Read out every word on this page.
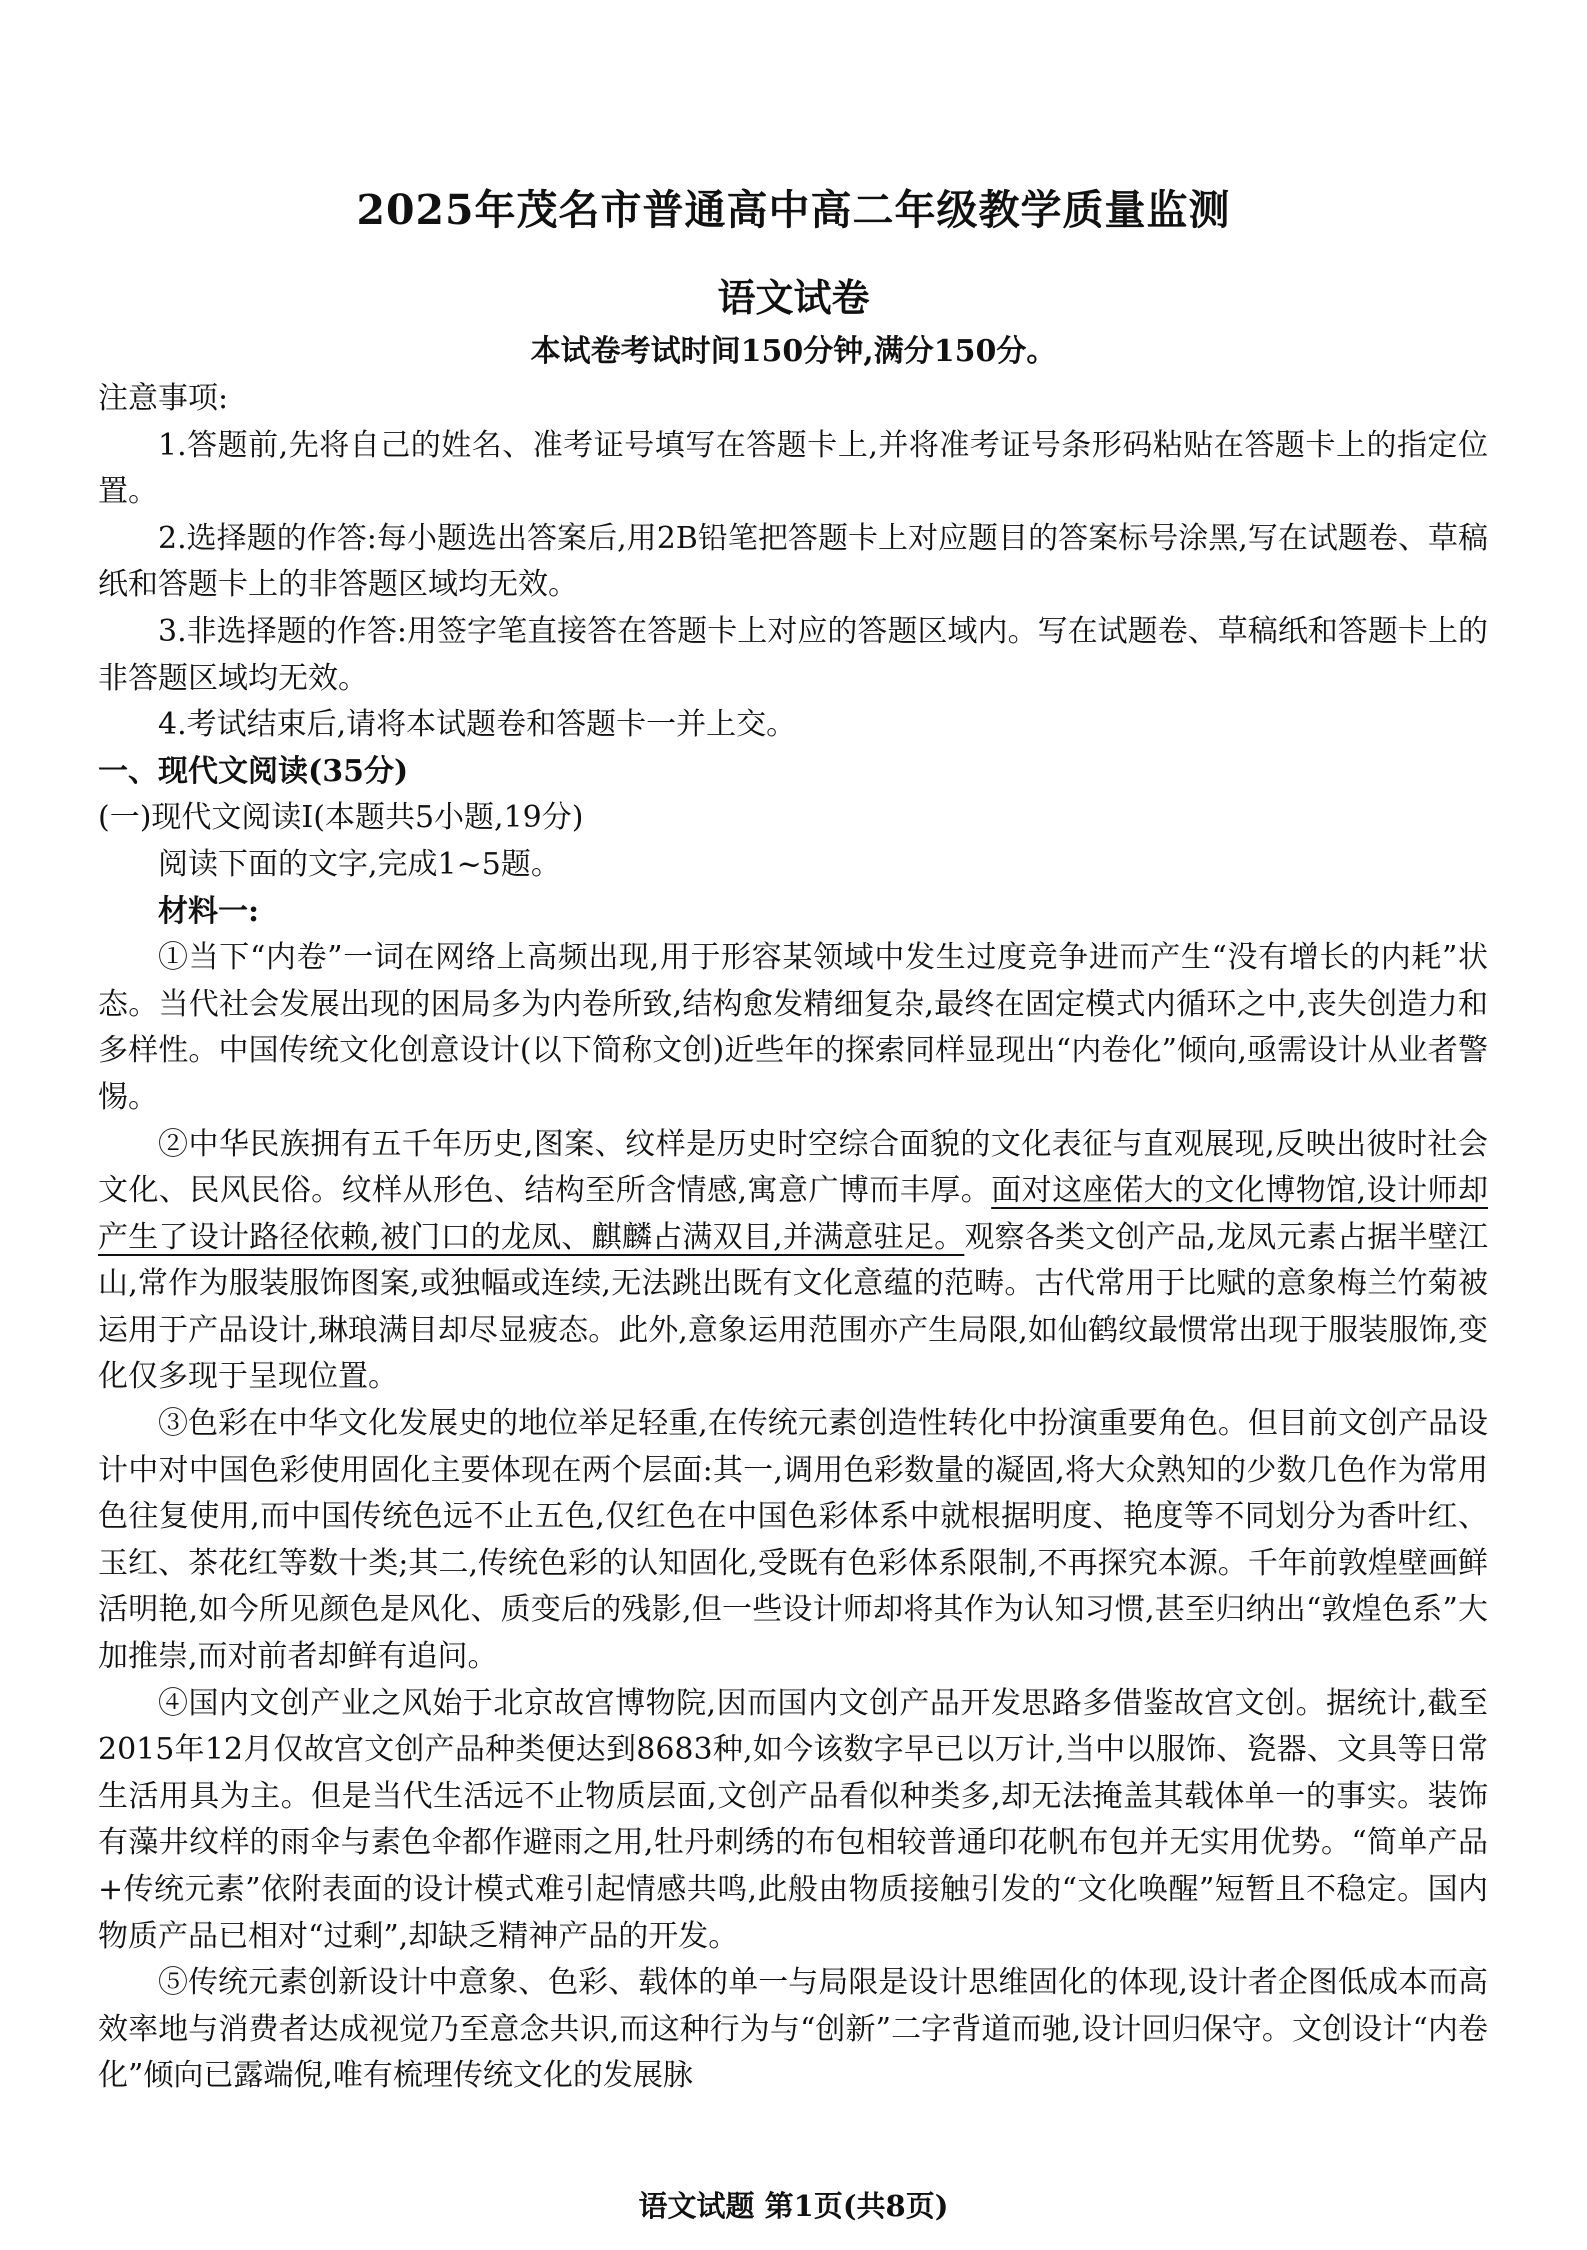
2025年茂名市普通高中高二年级教学质量监测
语文试卷
本试卷考试时间150分钟,满分150分。

注意事项:

1.答题前,先将自己的姓名、准考证号填写在答题卡上,并将准考证号条形码粘贴在答题卡上的指定位置。

2.选择题的作答:每小题选出答案后,用2B铅笔把答题卡上对应题目的答案标号涂黑,写在试题卷、草稿纸和答题卡上的非答题区域均无效。

3.非选择题的作答:用签字笔直接答在答题卡上对应的答题区域内。写在试题卷、草稿纸和答题卡上的非答题区域均无效。

4.考试结束后,请将本试题卷和答题卡一并上交。

一、现代文阅读(35分)

(一)现代文阅读Ⅰ(本题共5小题,19分)

阅读下面的文字,完成1~5题。

材料一:

①当下“内卷”一词在网络上高频出现,用于形容某领域中发生过度竞争进而产生“没有增长的内耗”状态。当代社会发展出现的困局多为内卷所致,结构愈发精细复杂,最终在固定模式内循环之中,丧失创造力和多样性。中国传统文化创意设计(以下简称文创)近些年的探索同样显现出“内卷化”倾向,亟需设计从业者警惕。

②中华民族拥有五千年历史,图案、纹样是历史时空综合面貌的文化表征与直观展现,反映出彼时社会文化、民风民俗。纹样从形色、结构至所含情感,寓意广博而丰厚。面对这座偌大的文化博物馆,设计师却产生了设计路径依赖,被门口的龙凤、麒麟占满双目,并满意驻足。观察各类文创产品,龙凤元素占据半壁江山,常作为服装服饰图案,或独幅或连续,无法跳出既有文化意蕴的范畴。古代常用于比赋的意象梅兰竹菊被运用于产品设计,琳琅满目却尽显疲态。此外,意象运用范围亦产生局限,如仙鹤纹最惯常出现于服装服饰,变化仅多现于呈现位置。

③色彩在中华文化发展史的地位举足轻重,在传统元素创造性转化中扮演重要角色。但目前文创产品设计中对中国色彩使用固化主要体现在两个层面:其一,调用色彩数量的凝固,将大众熟知的少数几色作为常用色往复使用,而中国传统色远不止五色,仅红色在中国色彩体系中就根据明度、艳度等不同划分为香叶红、玉红、茶花红等数十类;其二,传统色彩的认知固化,受既有色彩体系限制,不再探究本源。千年前敦煌壁画鲜活明艳,如今所见颜色是风化、质变后的残影,但一些设计师却将其作为认知习惯,甚至归纳出“敦煌色系”大加推崇,而对前者却鲜有追问。

④国内文创产业之风始于北京故宫博物院,因而国内文创产品开发思路多借鉴故宫文创。据统计,截至2015年12月仅故宫文创产品种类便达到8683种,如今该数字早已以万计,当中以服饰、瓷器、文具等日常生活用具为主。但是当代生活远不止物质层面,文创产品看似种类多,却无法掩盖其载体单一的事实。装饰有藻井纹样的雨伞与素色伞都作避雨之用,牡丹刺绣的布包相较普通印花帆布包并无实用优势。“简单产品+传统元素”依附表面的设计模式难引起情感共鸣,此般由物质接触引发的“文化唤醒”短暂且不稳定。国内物质产品已相对“过剩”,却缺乏精神产品的开发。

⑤传统元素创新设计中意象、色彩、载体的单一与局限是设计思维固化的体现,设计者企图低成本而高效率地与消费者达成视觉乃至意念共识,而这种行为与“创新”二字背道而驰,设计回归保守。文创设计“内卷化”倾向已露端倪,唯有梳理传统文化的发展脉

语文试题 第1页(共8页)
